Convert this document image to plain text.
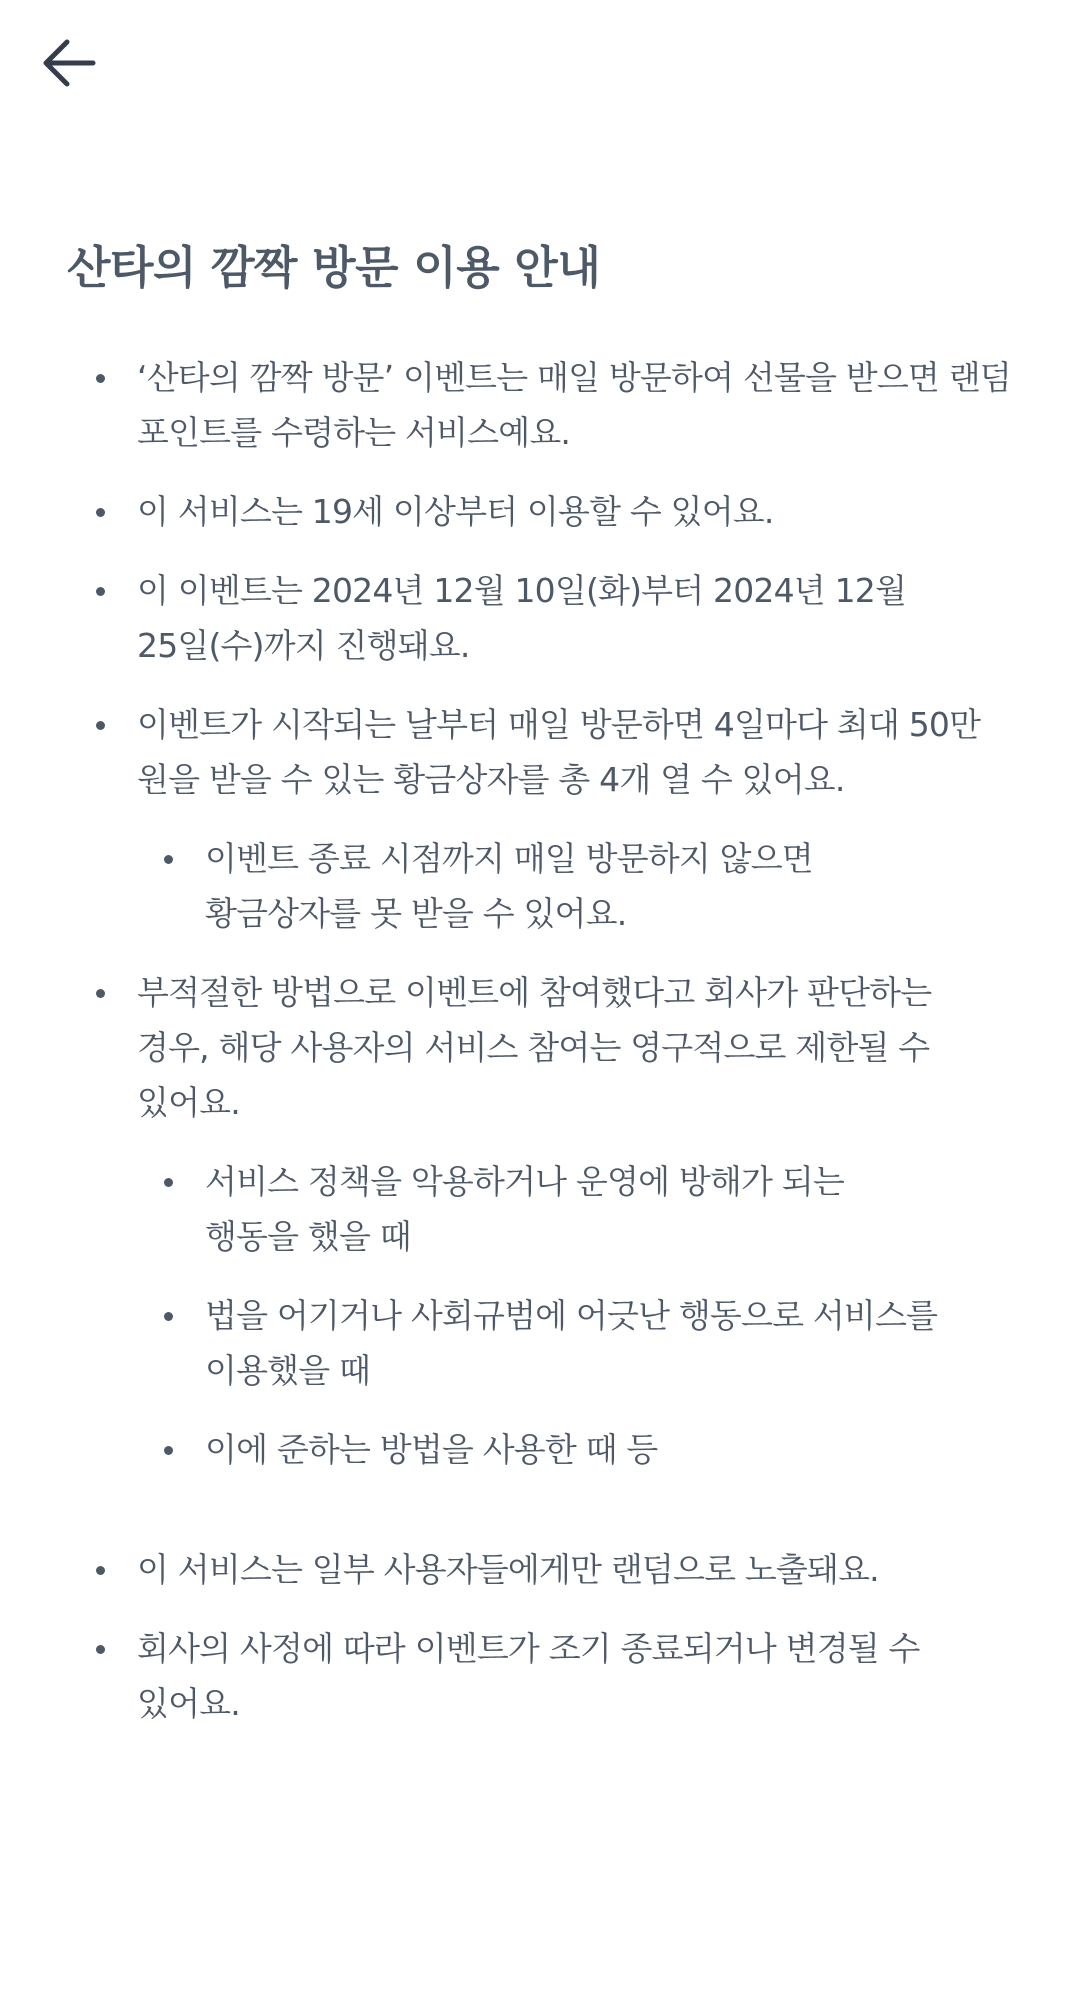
산타의 깜짝 방문 이용 안내
‘산타의 깜짝 방문’ 이벤트는 매일 방문하여 선물을 받으면 랜덤
포인트를 수령하는 서비스예요.
이 서비스는 19세 이상부터 이용할 수 있어요.
이 이벤트는 2024년 12월 10일(화)부터 2024년 12월
25일(수)까지 진행돼요.
이벤트가 시작되는 날부터 매일 방문하면 4일마다 최대 50만
원을 받을 수 있는 황금상자를 총 4개 열 수 있어요.
이벤트 종료 시점까지 매일 방문하지 않으면
황금상자를 못 받을 수 있어요.
부적절한 방법으로 이벤트에 참여했다고 회사가 판단하는
경우, 해당 사용자의 서비스 참여는 영구적으로 제한될 수
있어요.
서비스 정책을 악용하거나 운영에 방해가 되는
행동을 했을 때
법을 어기거나 사회규범에 어긋난 행동으로 서비스를
이용했을 때
이에 준하는 방법을 사용한 때 등
이 서비스는 일부 사용자들에게만 랜덤으로 노출돼요.
회사의 사정에 따라 이벤트가 조기 종료되거나 변경될 수
있어요.
